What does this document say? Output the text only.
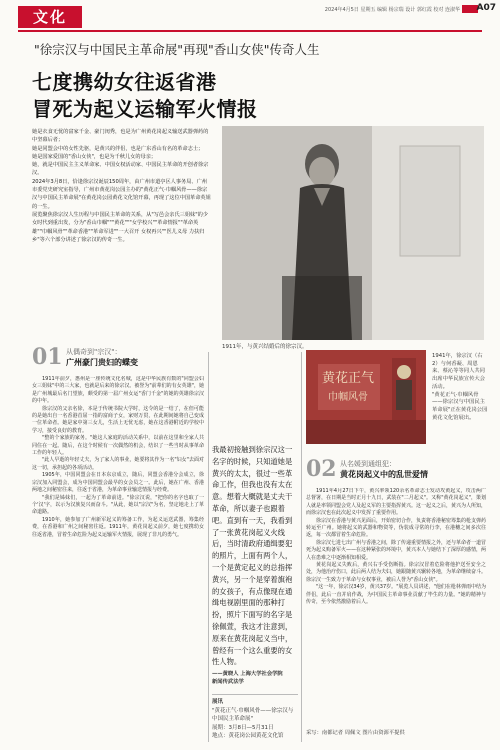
文化	2024年4月5日 星期五 编辑 杨宗瑞 设计 郭红霞 校对 连淑华 A07
"徐宗汉与中国民主革命展"再现"香山女侠"传奇人生
七度携幼女往返省港
冒死为起义运输军火情报

她是衣食无忧的富家千金、豪门闺秀，也是为广州黄花岗起义输送武器弹药的中坚幕后者；

她是同盟会中的女性先驱，是黄兴的伴侣，也是广东香山有名的革命志士；

她是国家爱国的"香山女侠"，也是为千秋儿女的母亲；

她，就是中国民主主义革命家、中国女权活动家、中国民主革命的开创者徐宗汉。

2024年3月8日，恰逢徐宗汉诞辰150周年，由广州市道亭区人事务局、广州市委党史研究室指导，广州市黄花岗公园主办的"黄花正气·巾帼风骨——徐宗汉与中国民主革命展"在黄花岗公园黄花文化馆开幕，再现了这位中国革命英姐的一生。

展览聚焦徐宗汉人生历程与中国民主革命的关系，从"写邑会亲氏三姐妹"的少女时代到重出发，分为"香山巾帼"""黄花"""女学校兴""革命情报""革命英雄""巾帼风骨""革命香港""革命军进""一大召开 女权再兴""医儿义母 力扶归乡"等六个部分讲述了徐宗汉的传奇一生。

1911年，与黄兴结婚后的徐宗汉。
01 从偶奇到"宗汉"：
广州豪门贵妇的蝶变

1911年前夕，惠州是一座传统文化名城，这是中华民族有数的"同盟会妇女三姐妹"中的三大家，也就是后来的徐宗汉。被誉为"前辈们的有女英雄"，她是广州城最后名门望族，颇受的第一届广州女运"香门千金"的她的英雄徐宗汉的中年。

徐宗汉的父亲名徐，本是于传统书院大学时，这令的是一结了，在但可能的是她出自一名香港首屈一指的富商子女，家财万贯，在此期间她将自己变成一位革命者。她是家中第三女儿，生活上无忧无虑，她在这香港附近的学校中学习，接受良好的教育。

"整的个家族的家务。"她这人家庭的活动关系中，以前在这里和全家人共同住在一起。随后，在这个时候有一次偶然的机会，结识了一些当时从事革命工作的年轻人。

"此人早逝的年轻丈夫，为了家人的事业，她要将其作为一名"妇女"去面对这一切，承担起的各项活动。

1905年，中国同盟会在日本东京成立，随后，同盟会香港分会成立，徐宗汉加入同盟会，成为中国同盟会最早的女会员之一。此后，她在广州、香港两地之间秘密往来，往返于省港，为革命事业输送情报与经费。

"我们是姊妹们，一起为了革命前进。"徐宗汉说，"把你的名字也取了一个'汉'字，以示为汉族复兴而奋斗。"从此，她以"宗汉"为名，坚定地走上了革命道路。

1910年，她参加了广州新军起义的筹备工作，为起义运送武器，筹集经费，在香港和广州之间秘密往返。1911年，黄花岗起义前夕，她七度携幼女往返省港，冒着生命危险为起义运输军火情报，展现了非凡的勇气。

黄花正气
巾帼风骨

1941年，徐宗汉（右2）与何香凝、周恩来、蔡沁等等同人共同出席中华民族宣传大会活动。

"黄花正气·巾帼风骨——徐宗汉与中国民主革命展"正在黄花岗公园黄花文化馆展出。

我最初接触到徐宗汉这一名字的时候，只知道她是黄兴的太太，很过一些革命工作，但我也没有太在意。想着大概就是丈夫干革命，所以妻子也跟着吧。直到有一天，我看到了一张黄花岗起义火线后，当时清政府通缉要犯的照片，上面有两个人，一个是黄定起义的总指挥黄兴，另一个是穿着旗袍的女孩子，有点像现在通缉电视剧里面的那种打扮，照片下面写的名字是徐佩萱，我这才注意到，原来在黄花岗起义当中，曾经有一个这么重要的女性人物。

——黄晓人 上海大学社会学院

新闻传武法学

展讯

"黄花正气·巾帼风骨——徐宗汉与中国民主革命展"

展期：3月8日—5月31日

地点：黄花岗公园黄花文化馆

02 从名媛到通组犯：
黄花岗起义中的乱世爱情

1911年4月27日下午，黄兴率领120余名革命志士发动攻黄起义，攻击两广总督署，在日期是当时正月十九日，武装在"二月起义"。又称"黄花岗起义"，策划人就是率领同盟会党人及起义军的主要指挥黄兴。这一起义之后，黄兴为人所知，而徐宗汉也在此次起义中发挥了重要作用。

徐宗汉在香港与黄兴见面后，开始密切合作，负责将香港秘密筹集的枪支弹药转运至广州。她将起义的武器和物资等，伪装成寻常的行李，在港穗之间多次往返，每一次都冒着生命危险。

徐宗汉七进七出广州与香港之间，除了传递重要情报之外，还与革命者一道冒死为起义购备军火——在这种紧张的环境中，黄兴本人与她结下了深厚的感情，两人在患难之中逐渐相知相爱。

黄花岗起义失败后，黄兴右手受伤断指。徐宗汉冒着危险将他护送至安全之处，为他治疗伤口，此后两人结为夫妇，她跟随黄兴辗转各地，为革命继续奋斗。徐宗汉一生致力于革命与女权事业，被后人誉为"香山女侠"。

"这一年，徐宗汉34岁，黄兴37岁。"展览人员讲述，"他们在枪林弹雨中结为伴侣，此后一直并肩作战，为中国民主革命事业贡献了毕生的力量。"她的精神与传奇，至今依然激励着后人。

采写：南都记者 周佩文 图片由资源平提供
